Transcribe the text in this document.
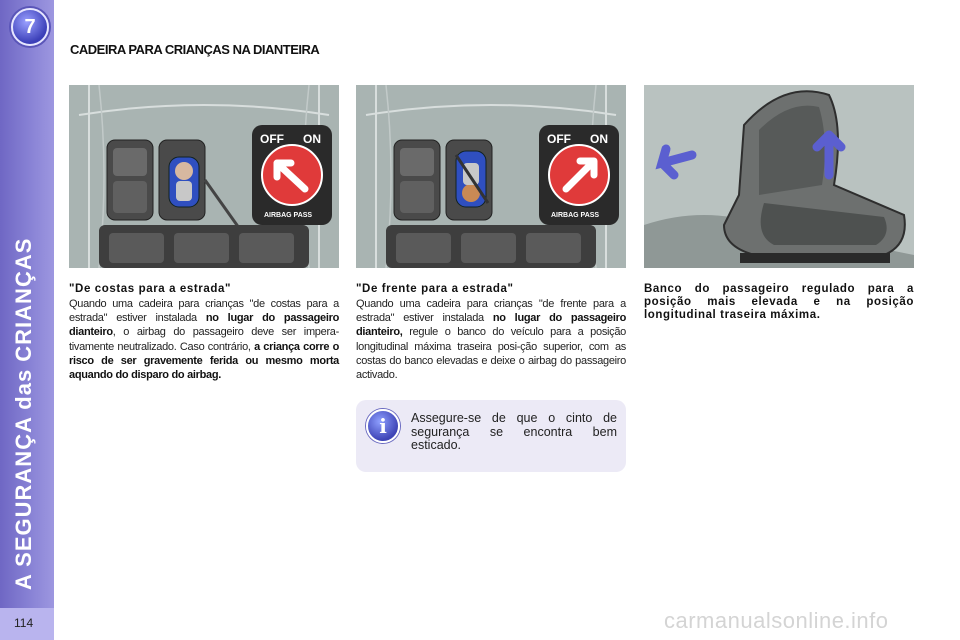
7
A SEGURANÇA das CRIANÇAS
114
CADEIRA PARA CRIANÇAS NA DIANTEIRA
OFF ON
AIRBAG PASS
OFF ON
AIRBAG PASS
"De costas para a estrada"
Quando uma cadeira para crianças "de costas para a estrada" estiver instalada no lugar do passageiro dianteiro, o airbag do passageiro deve ser impera-tivamente neutralizado. Caso contrário, a criança corre o risco de ser gravemente ferida ou mesmo morta aquando do disparo do airbag.
"De frente para a estrada"
Quando uma cadeira para crianças "de frente para a estrada" estiver instalada no lugar do passageiro dianteiro, regule o banco do veículo para a posição longitudinal máxima traseira posi-ção superior, com as costas do banco elevadas e deixe o airbag do passageiro activado.
Banco do passageiro regulado para a posição mais elevada e na posição longitudinal traseira máxima.
i	Assegure-se de que o cinto de segurança se encontra bem esticado.
carmanualsonline.info
